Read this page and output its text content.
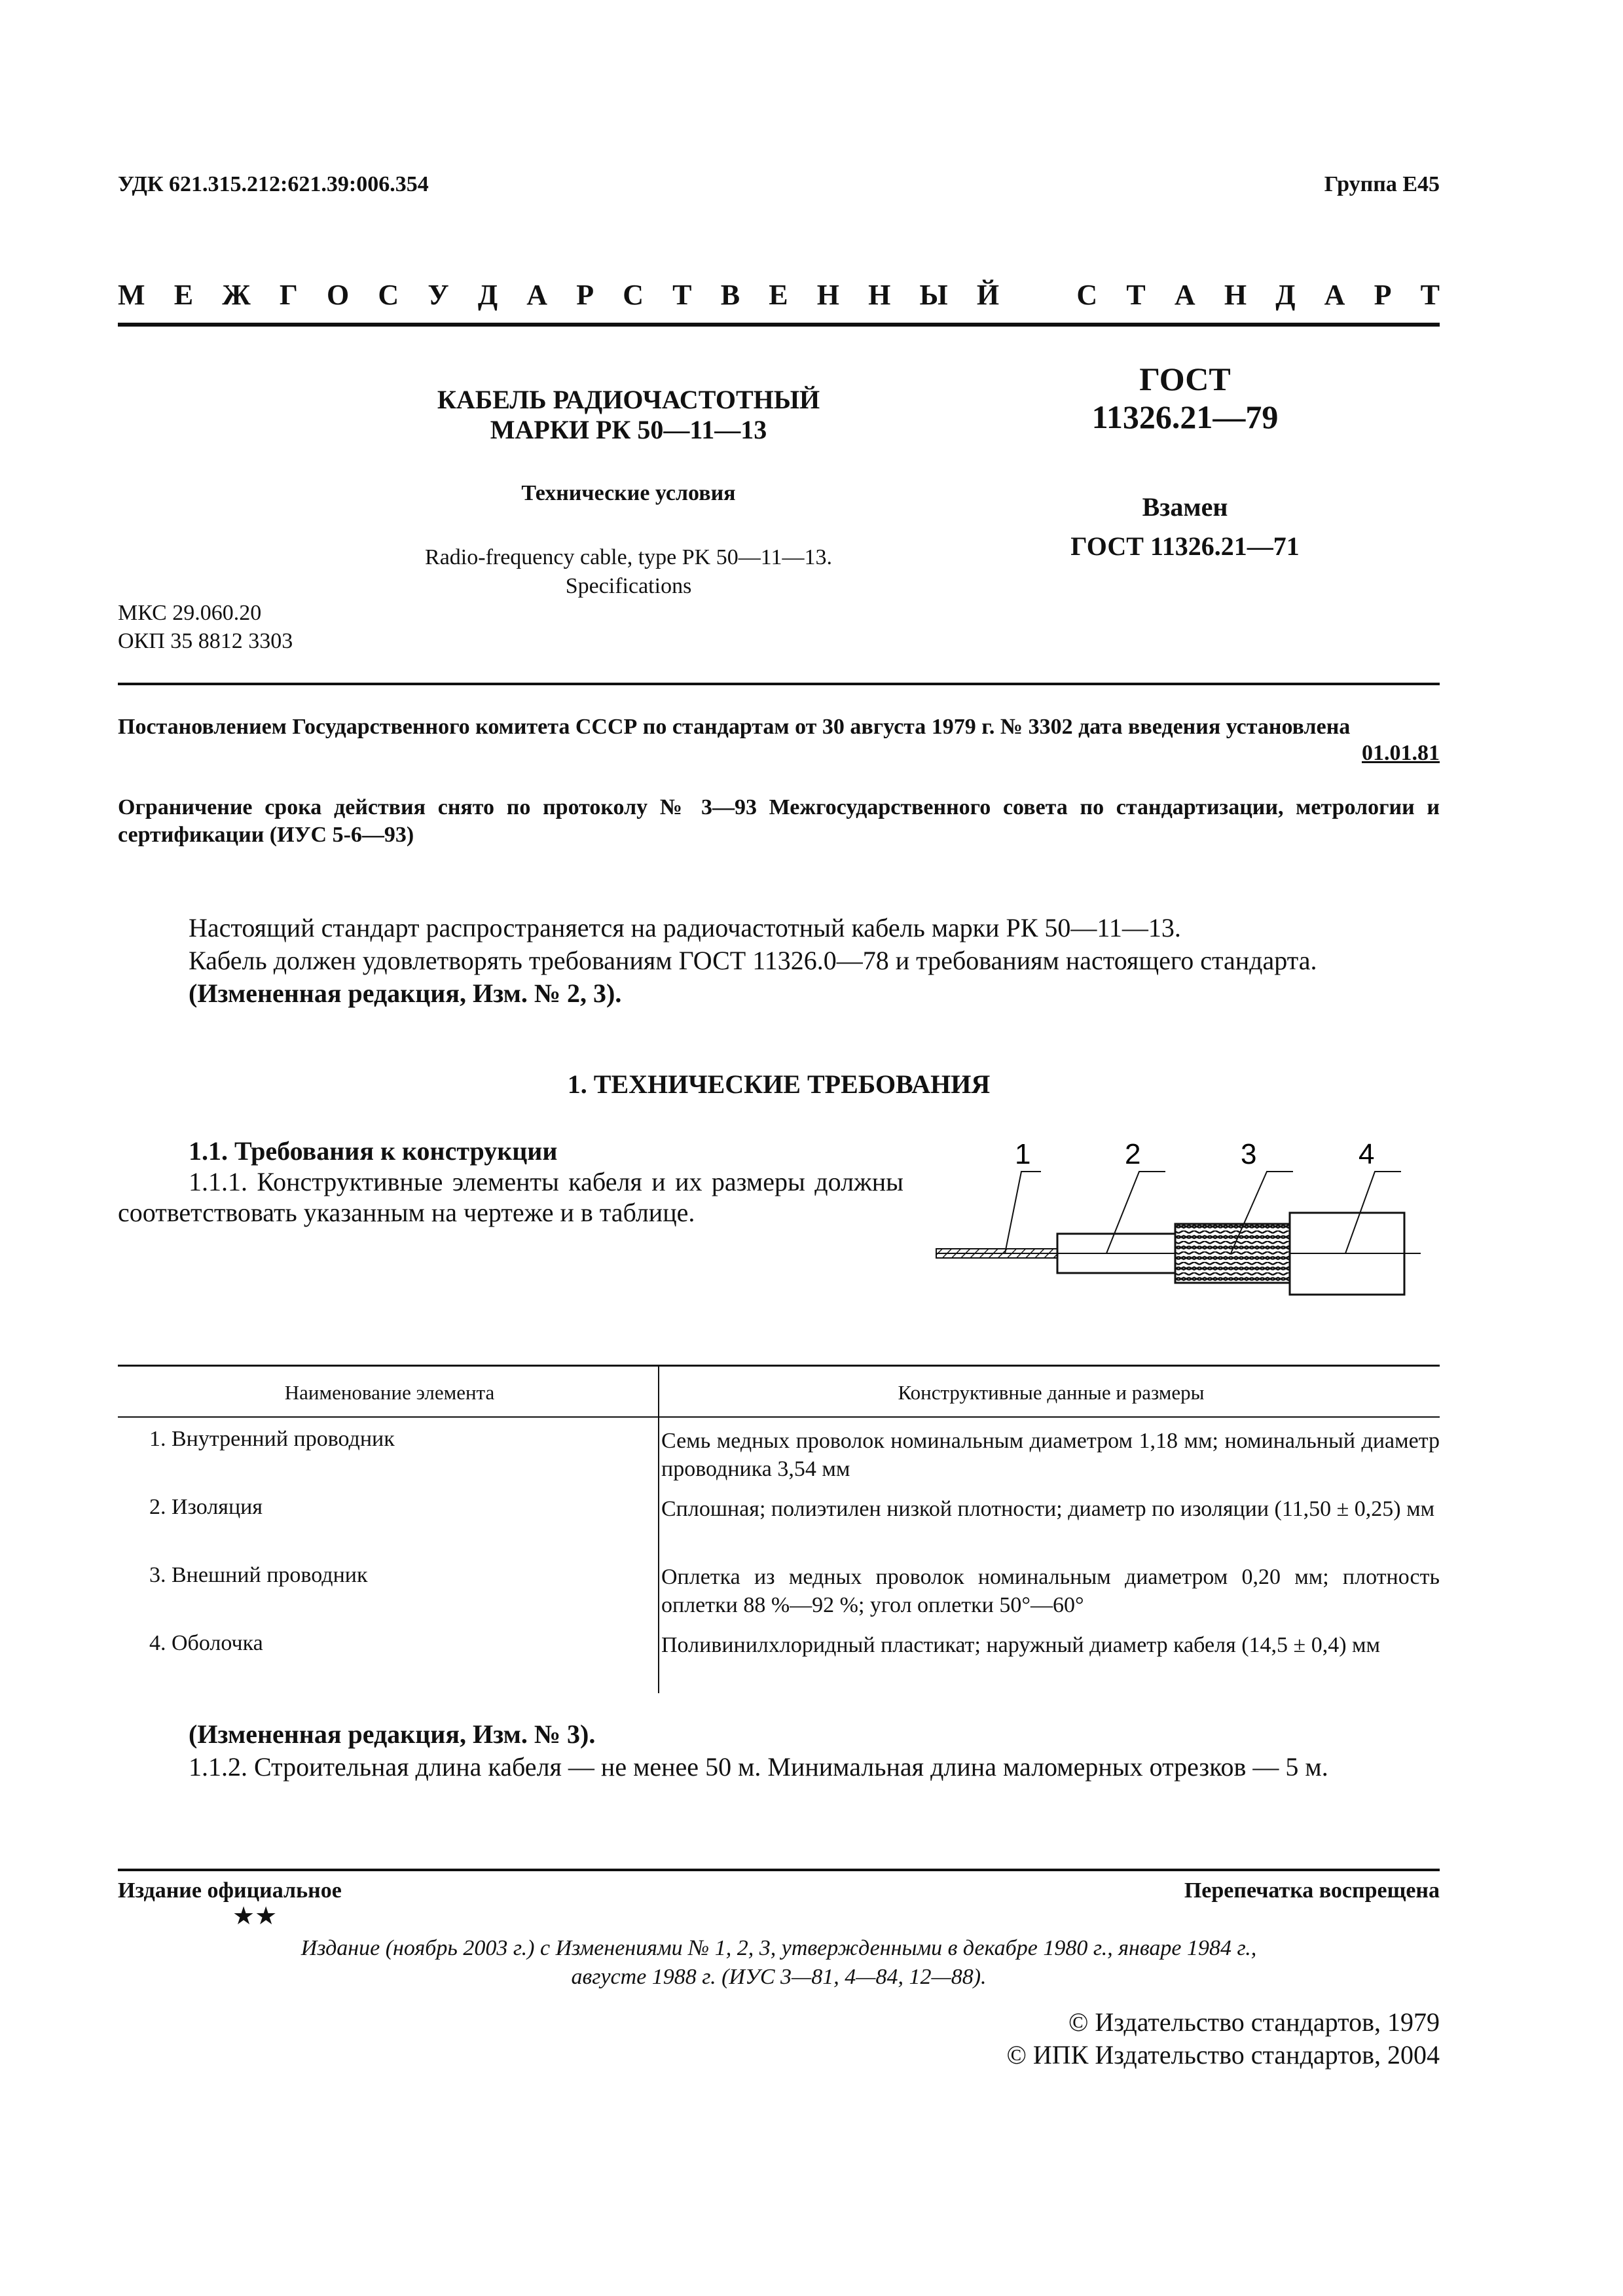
УДК 621.315.212:621.39:006.354	Группа Е45
М Е Ж Г О С У Д А Р С Т В Е Н Н Ы Й	С Т А Н Д А Р Т
КАБЕЛЬ РАДИОЧАСТОТНЫЙ
МАРКИ РК 50—11—13
Технические условия
Radio-frequency cable, type PK 50—11—13.
Specifications
МКС 29.060.20
ОКП 35 8812 3303
ГОСТ
11326.21—79
Взамен
ГОСТ 11326.21—71
Постановлением Государственного комитета СССР по стандартам от 30 августа 1979 г. № 3302 дата введения установлена
01.01.81
Ограничение срока действия снято по протоколу № 3—93 Межгосударственного совета по стандартизации, метрологии и сертификации (ИУС 5-6—93)
Настоящий стандарт распространяется на радиочастотный кабель марки РК 50—11—13.
Кабель должен удовлетворять требованиям ГОСТ 11326.0—78 и требованиям настоящего стандарта.
(Измененная редакция, Изм. № 2, 3).
1. ТЕХНИЧЕСКИЕ ТРЕБОВАНИЯ
1.1. Требования к конструкции
1.1.1. Конструктивные элементы кабеля и их размеры должны соответствовать указанным на чертеже и в таблице.
1	2	3	4
Наименование элемента	Конструктивные данные и размеры
1. Внутренний проводник	Семь медных проволок номинальным диаметром 1,18 мм; номинальный диаметр проводника 3,54 мм
2. Изоляция	Сплошная; полиэтилен низкой плотности; диаметр по изоляции (11,50 ± 0,25) мм
3. Внешний проводник	Оплетка из медных проволок номинальным диаметром 0,20 мм; плотность оплетки 88 %—92 %; угол оплетки 50°—60°
4. Оболочка	Поливинилхлоридный пластикат; наружный диаметр кабеля (14,5 ± 0,4) мм
(Измененная редакция, Изм. № 3).
1.1.2. Строительная длина кабеля — не менее 50 м. Минимальная длина маломерных отрезков — 5 м.
Издание официальное	Перепечатка воспрещена
★★
Издание (ноябрь 2003 г.) с Изменениями № 1, 2, 3, утвержденными в декабре 1980 г., январе 1984 г.,
августе 1988 г. (ИУС 3—81, 4—84, 12—88).
© Издательство стандартов, 1979
© ИПК Издательство стандартов, 2004
